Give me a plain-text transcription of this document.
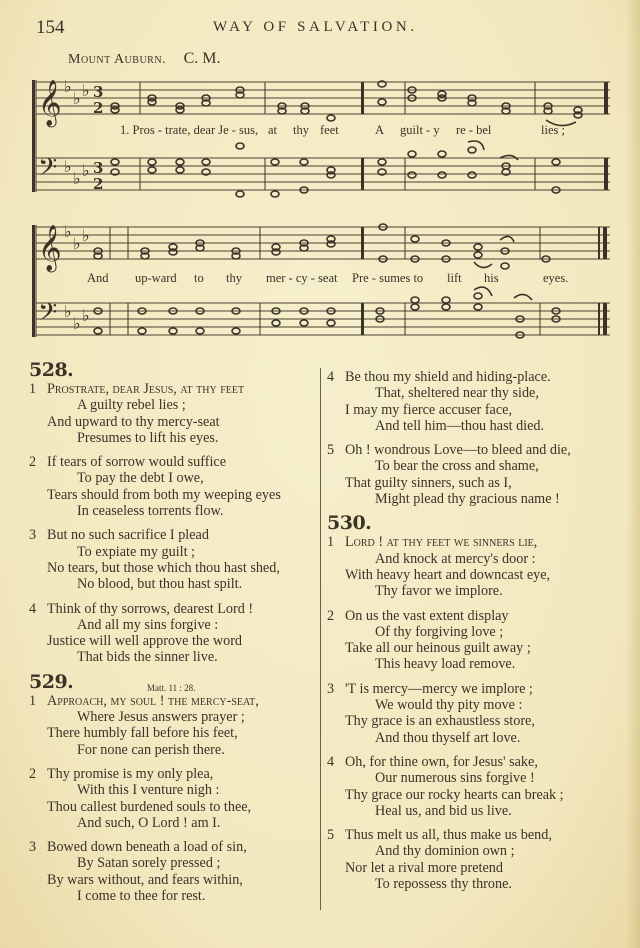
154	WAY OF SALVATION.
Mount Auburn. C. M.
𝄞
𝄢
♭
♭ ♭
♭
♭ ♭
3
2
3
2
1. Pros - trate, dear Je - sus, at thy feet	A guilt - y re - bel	lies ;
𝄞
𝄢
♭
♭ ♭
♭
♭ ♭
And up-ward to thy mer - cy - seat Pre - sumes to lift his	eyes.
528.
1 Prostrate, dear Jesus, at thy feet
A guilty rebel lies ;
And upward to thy mercy-seat
Presumes to lift his eyes.
2 If tears of sorrow would suffice
To pay the debt I owe,
Tears should from both my weeping eyes
In ceaseless torrents flow.
3 But no such sacrifice I plead
To expiate my guilt ;
No tears, but those which thou hast shed,
No blood, but thou hast spilt.
4 Think of thy sorrows, dearest Lord !
And all my sins forgive :
Justice will well approve the word
That bids the sinner live.
529.	Matt. 11 : 28.
1 Approach, my soul ! the mercy-seat,
Where Jesus answers prayer ;
There humbly fall before his feet,
For none can perish there.
2 Thy promise is my only plea,
With this I venture nigh :
Thou callest burdened souls to thee,
And such, O Lord ! am I.
3 Bowed down beneath a load of sin,
By Satan sorely pressed ;
By wars without, and fears within,
I come to thee for rest.
4 Be thou my shield and hiding-place.
That, sheltered near thy side,
I may my fierce accuser face,
And tell him—thou hast died.
5 Oh ! wondrous Love—to bleed and die,
To bear the cross and shame,
That guilty sinners, such as I,
Might plead thy gracious name !
530.
1 Lord ! at thy feet we sinners lie,
And knock at mercy's door :
With heavy heart and downcast eye,
Thy favor we implore.
2 On us the vast extent display
Of thy forgiving love ;
Take all our heinous guilt away ;
This heavy load remove.
3 'T is mercy—mercy we implore ;
We would thy pity move :
Thy grace is an exhaustless store,
And thou thyself art love.
4 Oh, for thine own, for Jesus' sake,
Our numerous sins forgive !
Thy grace our rocky hearts can break ;
Heal us, and bid us live.
5 Thus melt us all, thus make us bend,
And thy dominion own ;
Nor let a rival more pretend
To repossess thy throne.
